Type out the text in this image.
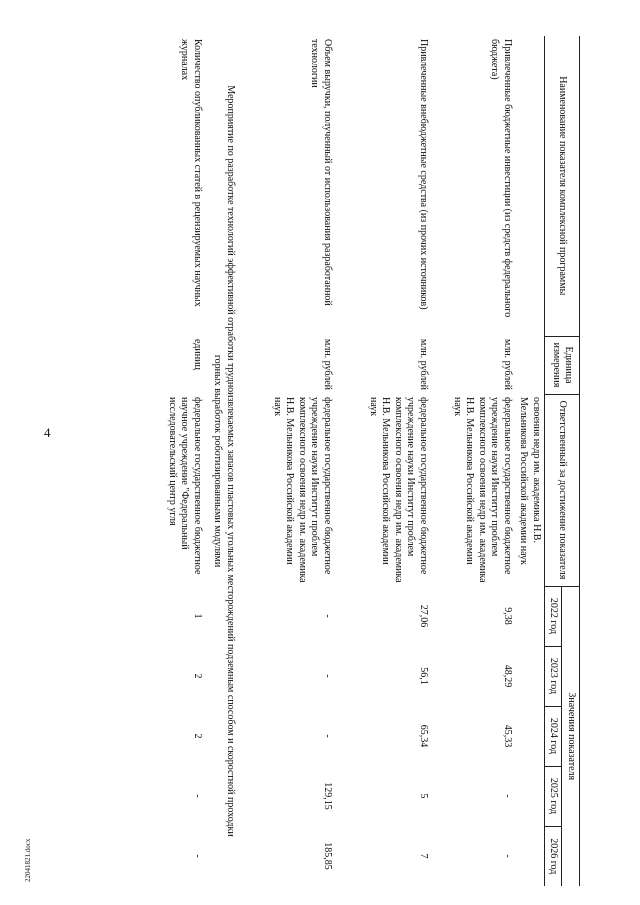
4
22041821.docx
Наименование показателя комплексной программы	Единица измерения	Ответственный за достижение показателя	Значения показателя				
			2022 год	2023 год	2024 год	2025 год	2026 год
		освоения недр им. академика Н.В. Мельникова Российской академии наук					
Привлеченные бюджетные инвестиции (из средств федерального бюджета)	млн. рублей	федеральное государственное бюджетное учреждение науки Институт проблем комплексного освоения недр им. академика Н.В. Мельникова Российской академии наук	9,38	48,29	45,33	-	-
Привлеченные внебюджетные средства (из прочих источников)	млн. рублей	федеральное государственное бюджетное учреждение науки Институт проблем комплексного освоения недр им. академика Н.В. Мельникова Российской академии наук	27,06	56,1	65,34	5	7
Объем выручки, полученный от использования разработанной технологии	млн. рублей	федеральное государственное бюджетное учреждение науки Институт проблем комплексного освоения недр им. академика Н.В. Мельникова Российской академии наук	-	-	-	129,15	185,85
Мероприятие по разработке технологий эффективной отработки трудноизвлекаемых запасов пластовых угольных месторождений подземным способом и скоростной проходки горных выработок роботизированными модулями							
Количество опубликованных статей в рецензируемых научных журналах	единиц	федеральное государственное бюджетное научное учреждение "Федеральный исследовательский центр угля	1	2	2	-	-
